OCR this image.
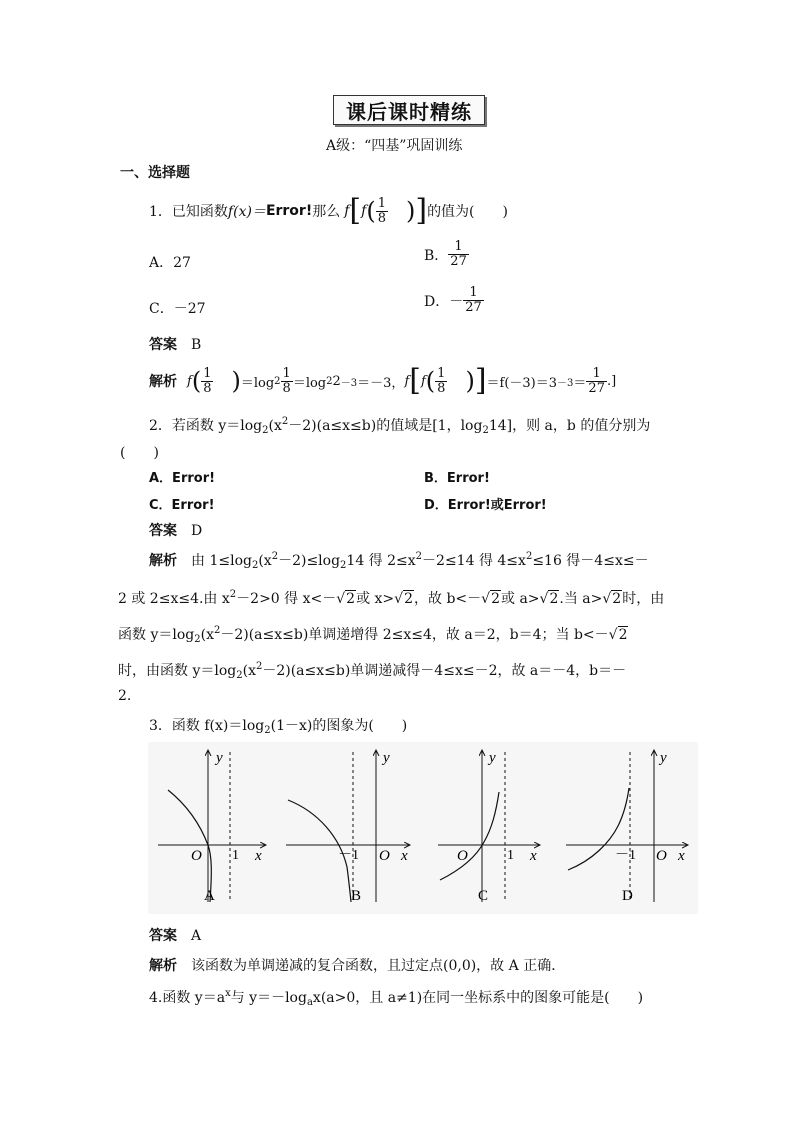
课后课时精练
A级：“四基”巩固训练
一、选择题
1．已知函数 f(x)＝ Error! 那么 f [ f ( $\frac{1}{8}$ ) ] 的值为(　　)
A．27	B． $\frac{1}{27}$
C．－27	D．－ $\frac{1}{27}$
答案 B
解析 f ( $\frac{1}{8}$ ) ＝log $2 \frac{1}{8} =\log$ 2 2 －3 ＝－3， f [ f ( $\frac{1}{8}$ ) ] $=f(-3)=3 -3 = \frac{1}{27}$ .]
2．若函数 $y=\log_2(x^2-2)(a\le x\le b)$的值域是[1，$\log_214$]，则 a，b 的值分别为
(　　)
A．Error!	B．Error!
C．Error!	D．Error!或Error!
答案 D
解析 由 $1\le\log_2(x^2-2)\le\log_214$ 得 $2\le x^2-2\le 14$ 得 $4\le x^2\le 16$ 得－4≤x≤－
2 或 2≤x≤4.由 $x^2-2>0$ 得 x<－√2或 x>√2，故 b<－√2或 a>√2.当 a>√2时，由
函数 $y=\log_2(x^2-2)(a\le x\le b)$单调递增得 2≤x≤4，故 a＝2，b＝4；当 b<－√2
时，由函数 $y=\log_2(x^2-2)(a\le x\le b)$单调递减得－4≤x≤－2，故 a＝－4，b＝－
2.
3．函数 $f(x)=\log_2(1-x)$的图象为(　　)
y
x
O 1
A
y
x
O
－1
B
y
x
O	1
C
y
x
O
－1
D
答案 A
解析 该函数为单调递减的复合函数，且过定点(0,0)，故 A 正确．
4.函数 $y=a^x$与 $y=-\log_ax(a>0$，且 a≠1)在同一坐标系中的图象可能是(　　)
